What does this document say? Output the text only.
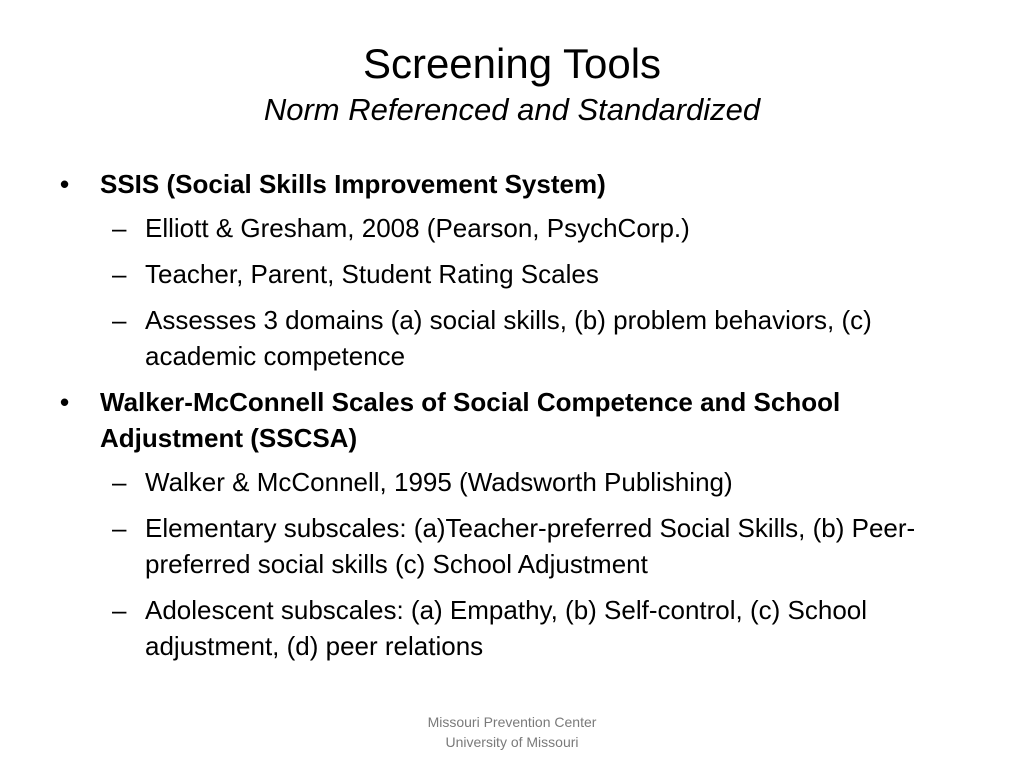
Screening Tools
Norm Referenced and Standardized
•	SSIS (Social Skills Improvement System)
– Elliott & Gresham, 2008 (Pearson, PsychCorp.)
– Teacher, Parent, Student Rating Scales
– Assesses 3 domains (a) social skills, (b) problem behaviors, (c) academic competence
•	Walker-McConnell Scales of Social Competence and School Adjustment (SSCSA)
– Walker & McConnell, 1995 (Wadsworth Publishing)
– Elementary subscales: (a)Teacher-preferred Social Skills, (b) Peer-preferred social skills (c) School Adjustment
– Adolescent subscales: (a) Empathy, (b) Self-control, (c) School adjustment, (d) peer relations
Missouri Prevention Center
University of Missouri
